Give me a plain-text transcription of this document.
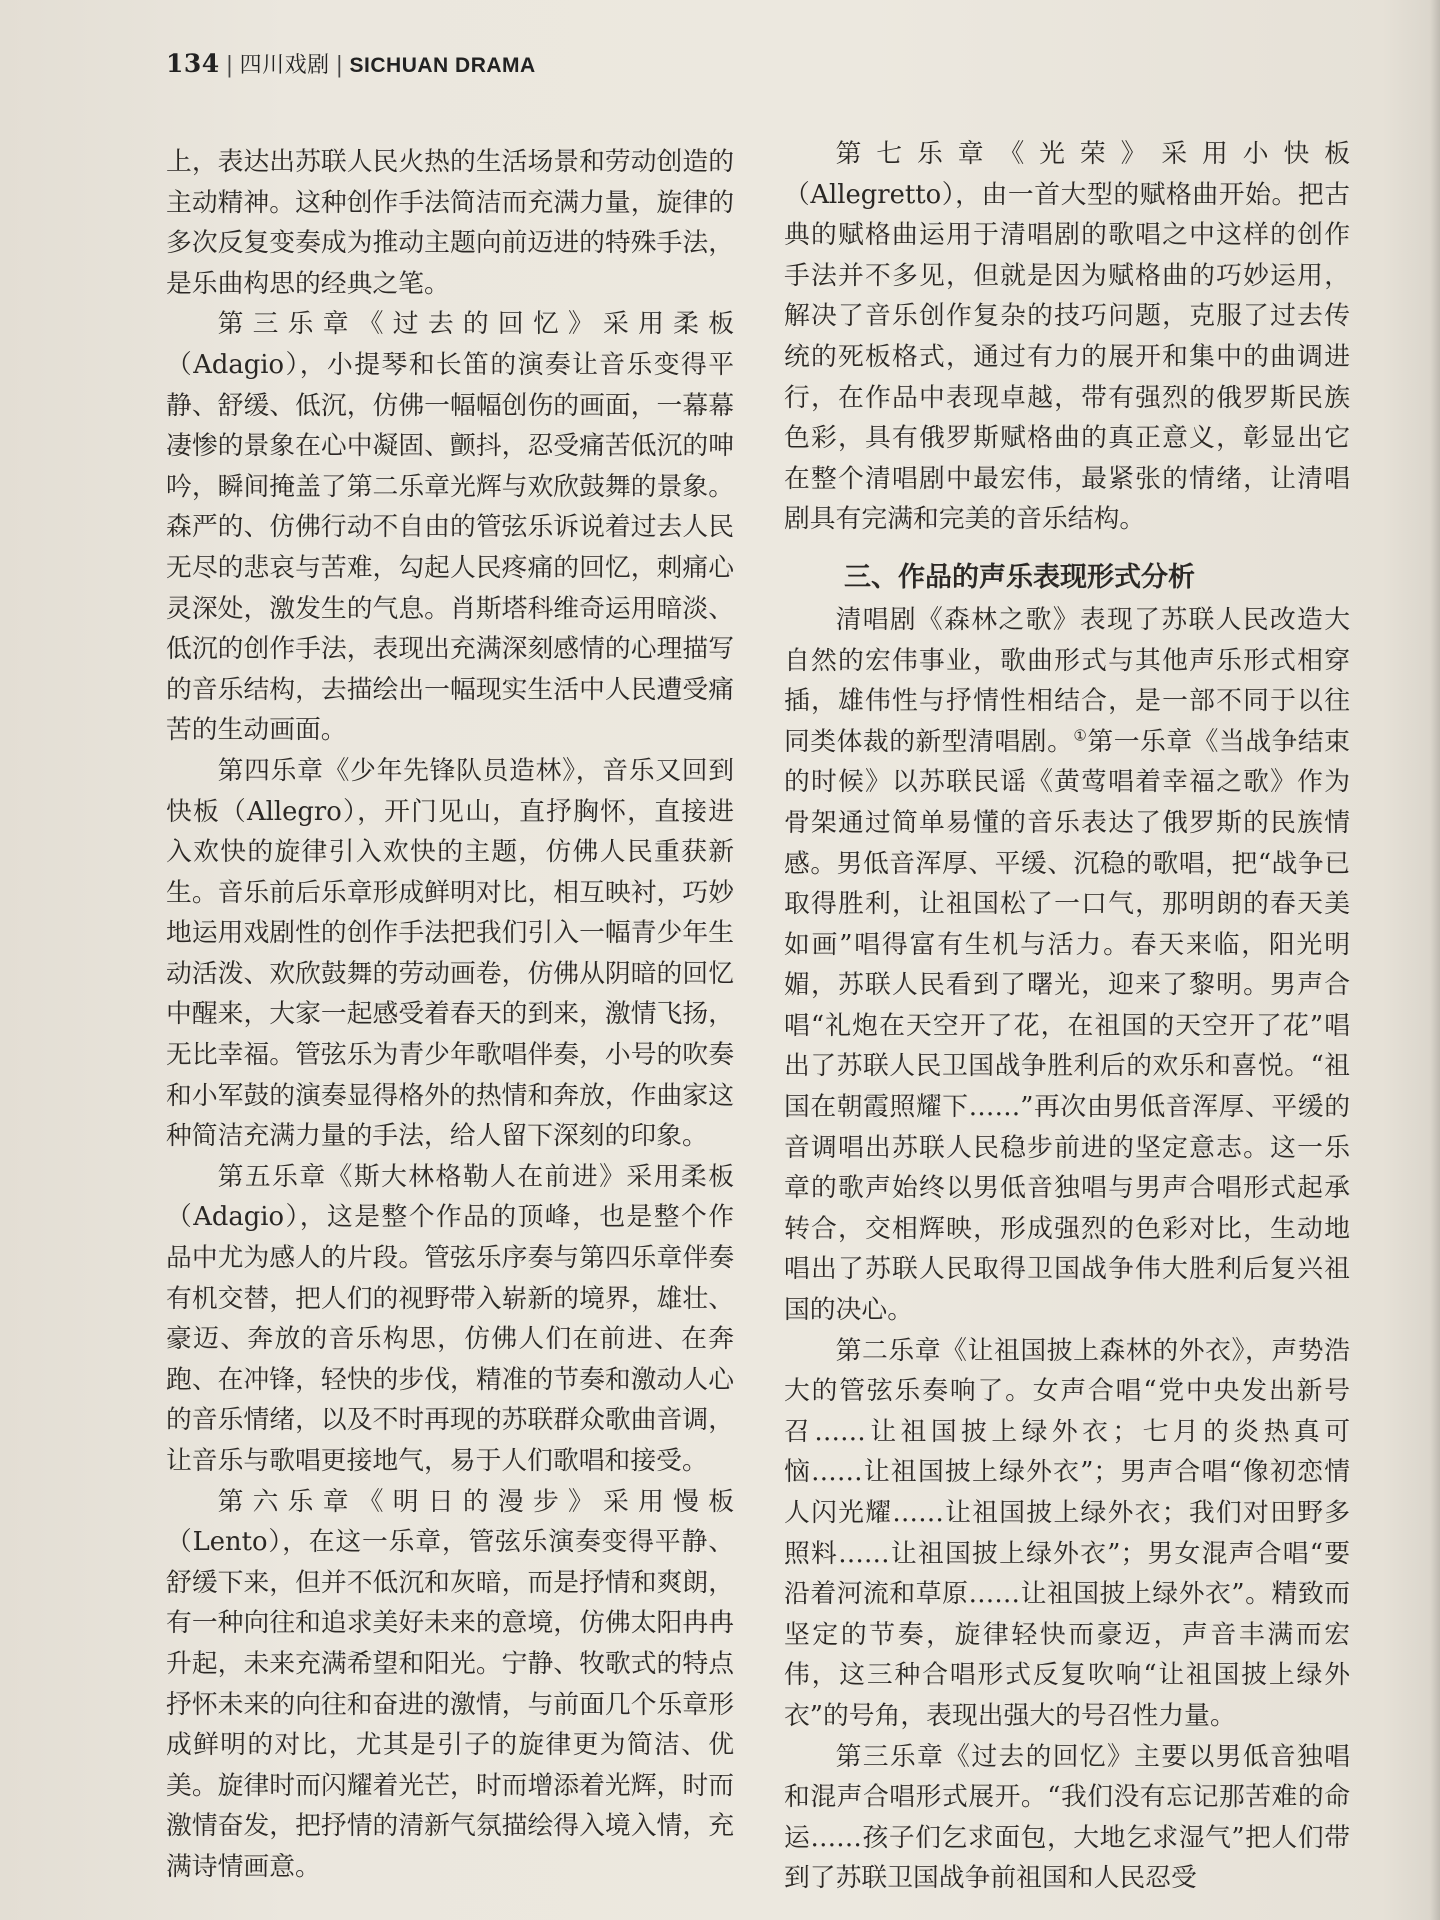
134 | 四川戏剧 | SICHUAN DRAMA

上，表达出苏联人民火热的生活场景和劳动创造的主动精神。这种创作手法简洁而充满力量，旋律的多次反复变奏成为推动主题向前迈进的特殊手法，是乐曲构思的经典之笔。

第三乐章《过去的回忆》采用柔板（Adagio），小提琴和长笛的演奏让音乐变得平静、舒缓、低沉，仿佛一幅幅创伤的画面，一幕幕凄惨的景象在心中凝固、颤抖，忍受痛苦低沉的呻吟，瞬间掩盖了第二乐章光辉与欢欣鼓舞的景象。森严的、仿佛行动不自由的管弦乐诉说着过去人民无尽的悲哀与苦难，勾起人民疼痛的回忆，刺痛心灵深处，激发生的气息。肖斯塔科维奇运用暗淡、低沉的创作手法，表现出充满深刻感情的心理描写的音乐结构，去描绘出一幅现实生活中人民遭受痛苦的生动画面。

第四乐章《少年先锋队员造林》，音乐又回到快板（Allegro），开门见山，直抒胸怀，直接进入欢快的旋律引入欢快的主题，仿佛人民重获新生。音乐前后乐章形成鲜明对比，相互映衬，巧妙地运用戏剧性的创作手法把我们引入一幅青少年生动活泼、欢欣鼓舞的劳动画卷，仿佛从阴暗的回忆中醒来，大家一起感受着春天的到来，激情飞扬，无比幸福。管弦乐为青少年歌唱伴奏，小号的吹奏和小军鼓的演奏显得格外的热情和奔放，作曲家这种简洁充满力量的手法，给人留下深刻的印象。

第五乐章《斯大林格勒人在前进》采用柔板（Adagio），这是整个作品的顶峰，也是整个作品中尤为感人的片段。管弦乐序奏与第四乐章伴奏有机交替，把人们的视野带入崭新的境界，雄壮、豪迈、奔放的音乐构思，仿佛人们在前进、在奔跑、在冲锋，轻快的步伐，精准的节奏和激动人心的音乐情绪，以及不时再现的苏联群众歌曲音调，让音乐与歌唱更接地气，易于人们歌唱和接受。

第六乐章《明日的漫步》采用慢板（Lento），在这一乐章，管弦乐演奏变得平静、舒缓下来，但并不低沉和灰暗，而是抒情和爽朗，有一种向往和追求美好未来的意境，仿佛太阳冉冉升起，未来充满希望和阳光。宁静、牧歌式的特点抒怀未来的向往和奋进的激情，与前面几个乐章形成鲜明的对比，尤其是引子的旋律更为简洁、优美。旋律时而闪耀着光芒，时而增添着光辉，时而激情奋发，把抒情的清新气氛描绘得入境入情，充满诗情画意。

第七乐章《光荣》采用小快板（Allegretto），由一首大型的赋格曲开始。把古典的赋格曲运用于清唱剧的歌唱之中这样的创作手法并不多见，但就是因为赋格曲的巧妙运用，解决了音乐创作复杂的技巧问题，克服了过去传统的死板格式，通过有力的展开和集中的曲调进行，在作品中表现卓越，带有强烈的俄罗斯民族色彩，具有俄罗斯赋格曲的真正意义，彰显出它在整个清唱剧中最宏伟，最紧张的情绪，让清唱剧具有完满和完美的音乐结构。

三、作品的声乐表现形式分析

清唱剧《森林之歌》表现了苏联人民改造大自然的宏伟事业，歌曲形式与其他声乐形式相穿插，雄伟性与抒情性相结合，是一部不同于以往同类体裁的新型清唱剧。①第一乐章《当战争结束的时候》以苏联民谣《黄莺唱着幸福之歌》作为骨架通过简单易懂的音乐表达了俄罗斯的民族情感。男低音浑厚、平缓、沉稳的歌唱，把“战争已取得胜利，让祖国松了一口气，那明朗的春天美如画”唱得富有生机与活力。春天来临，阳光明媚，苏联人民看到了曙光，迎来了黎明。男声合唱“礼炮在天空开了花，在祖国的天空开了花”唱出了苏联人民卫国战争胜利后的欢乐和喜悦。“祖国在朝霞照耀下……”再次由男低音浑厚、平缓的音调唱出苏联人民稳步前进的坚定意志。这一乐章的歌声始终以男低音独唱与男声合唱形式起承转合，交相辉映，形成强烈的色彩对比，生动地唱出了苏联人民取得卫国战争伟大胜利后复兴祖国的决心。

第二乐章《让祖国披上森林的外衣》，声势浩大的管弦乐奏响了。女声合唱“党中央发出新号召……让祖国披上绿外衣；七月的炎热真可恼……让祖国披上绿外衣”；男声合唱“像初恋情人闪光耀……让祖国披上绿外衣；我们对田野多照料……让祖国披上绿外衣”；男女混声合唱“要沿着河流和草原……让祖国披上绿外衣”。精致而坚定的节奏，旋律轻快而豪迈，声音丰满而宏伟，这三种合唱形式反复吹响“让祖国披上绿外衣”的号角，表现出强大的号召性力量。

第三乐章《过去的回忆》主要以男低音独唱和混声合唱形式展开。“我们没有忘记那苦难的命运……孩子们乞求面包，大地乞求湿气”把人们带到了苏联卫国战争前祖国和人民忍受
